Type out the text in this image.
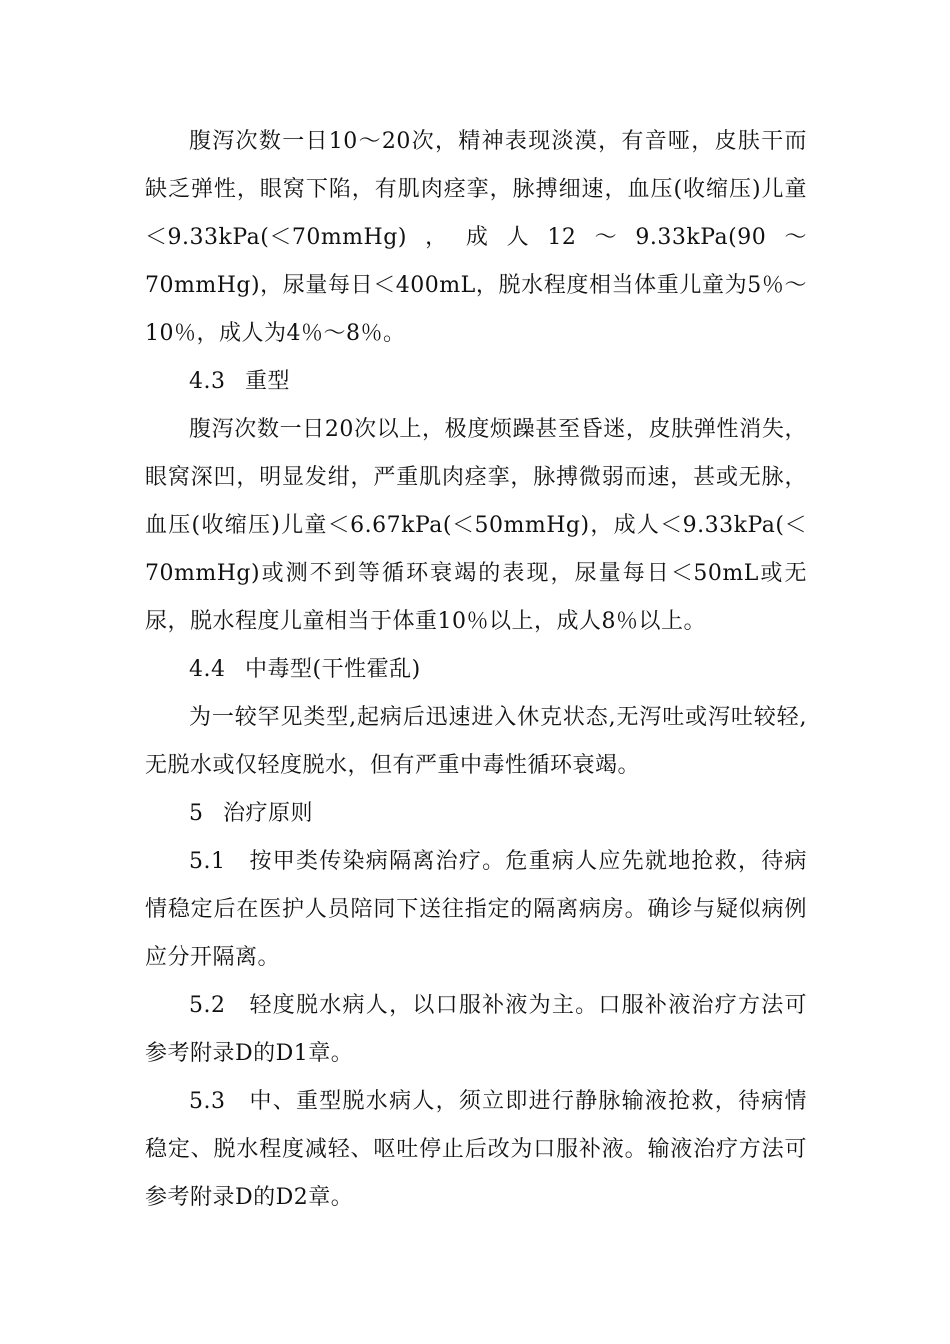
腹泻次数一日10～20次，精神表现淡漠，有音哑，皮肤干而缺乏弹性，眼窝下陷，有肌肉痉挛，脉搏细速，血压(收缩压)儿童＜9.33kPa(＜70mmHg)，成人12～9.33kPa(90～70mmHg)，尿量每日＜400mL，脱水程度相当体重儿童为5％～10％，成人为4％～8％。

4.3 重型

腹泻次数一日20次以上，极度烦躁甚至昏迷，皮肤弹性消失，眼窝深凹，明显发绀，严重肌肉痉挛，脉搏微弱而速，甚或无脉，血压(收缩压)儿童＜6.67kPa(＜50mmHg)，成人＜9.33kPa(＜70mmHg)或测不到等循环衰竭的表现，尿量每日＜50mL或无尿，脱水程度儿童相当于体重10％以上，成人8％以上。

4.4 中毒型(干性霍乱)

为一较罕见类型,起病后迅速进入休克状态,无泻吐或泻吐较轻,无脱水或仅轻度脱水，但有严重中毒性循环衰竭。

5 治疗原则

5.1　按甲类传染病隔离治疗。危重病人应先就地抢救，待病情稳定后在医护人员陪同下送往指定的隔离病房。确诊与疑似病例应分开隔离。

5.2　轻度脱水病人，以口服补液为主。口服补液治疗方法可参考附录D的D1章。

5.3　中、重型脱水病人，须立即进行静脉输液抢救，待病情稳定、脱水程度减轻、呕吐停止后改为口服补液。输液治疗方法可参考附录D的D2章。
